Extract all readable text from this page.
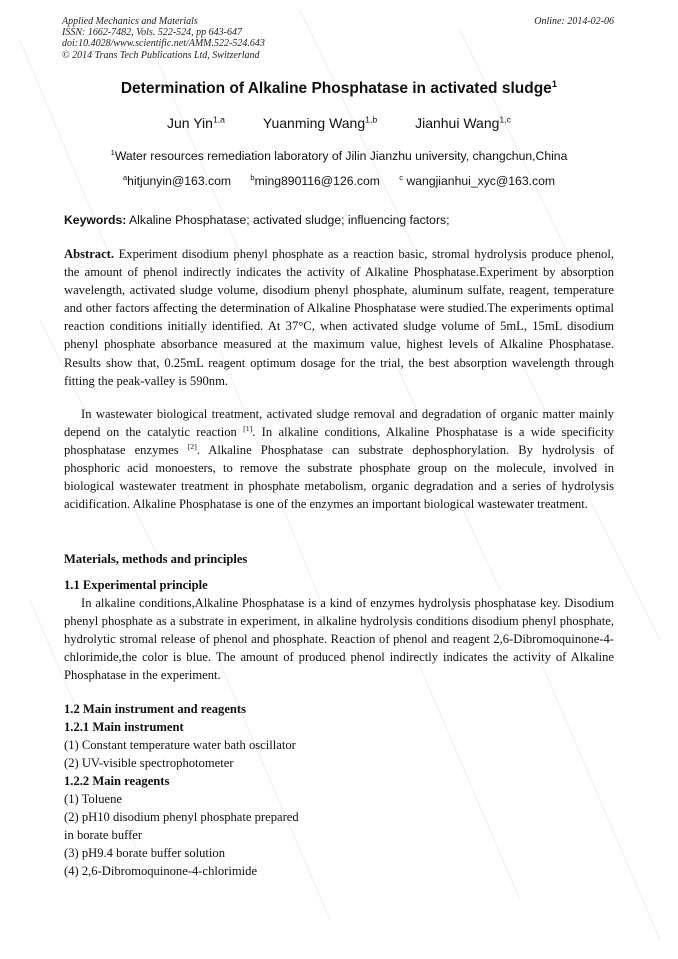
Applied Mechanics and Materials
ISSN: 1662-7482, Vols. 522-524, pp 643-647
doi:10.4028/www.scientific.net/AMM.522-524.643
© 2014 Trans Tech Publications Ltd, Switzerland
Online: 2014-02-06
Determination of Alkaline Phosphatase in activated sludge$^1$
Jun Yin$^{1,a}$	Yuanming Wang$^{1,b}$	Jianhui Wang$^{1,c}$
$^1$Water resources remediation laboratory of Jilin Jianzhu university, changchun,China
$^a$hitjunyin@163.com	$^b$ming890116@126.com	$^c$ wangjianhui_xyc@163.com
Keywords: Alkaline Phosphatase; activated sludge; influencing factors;
Abstract. Experiment disodium phenyl phosphate as a reaction basic, stromal hydrolysis produce phenol, the amount of phenol indirectly indicates the activity of Alkaline Phosphatase.Experiment by absorption wavelength, activated sludge volume, disodium phenyl phosphate, aluminum sulfate, reagent, temperature and other factors affecting the determination of Alkaline Phosphatase were studied.The experiments optimal reaction conditions initially identified. At 37°C, when activated sludge volume of 5mL, 15mL disodium phenyl phosphate absorbance measured at the maximum value, highest levels of Alkaline Phosphatase. Results show that, 0.25mL reagent optimum dosage for the trial, the best absorption wavelength through fitting the peak-valley is 590nm.
In wastewater biological treatment, activated sludge removal and degradation of organic matter mainly depend on the catalytic reaction [1]. In alkaline conditions, Alkaline Phosphatase is a wide specificity phosphatase enzymes [2]. Alkaline Phosphatase can substrate dephosphorylation. By hydrolysis of phosphoric acid monoesters, to remove the substrate phosphate group on the molecule, involved in biological wastewater treatment in phosphate metabolism, organic degradation and a series of hydrolysis acidification. Alkaline Phosphatase is one of the enzymes an important biological wastewater treatment.
Materials, methods and principles
1.1 Experimental principle
In alkaline conditions,Alkaline Phosphatase is a kind of enzymes hydrolysis phosphatase key. Disodium phenyl phosphate as a substrate in experiment, in alkaline hydrolysis conditions disodium phenyl phosphate, hydrolytic stromal release of phenol and phosphate. Reaction of phenol and reagent 2,6-Dibromoquinone-4-chlorimide,the color is blue. The amount of produced phenol indirectly indicates the activity of Alkaline Phosphatase in the experiment.
1.2 Main instrument and reagents
1.2.1 Main instrument
(1) Constant temperature water bath oscillator
(2) UV-visible spectrophotometer
1.2.2 Main reagents
(1) Toluene
(2) pH10 disodium phenyl phosphate prepared
in borate buffer
(3) pH9.4 borate buffer solution
(4) 2,6-Dibromoquinone-4-chlorimide
